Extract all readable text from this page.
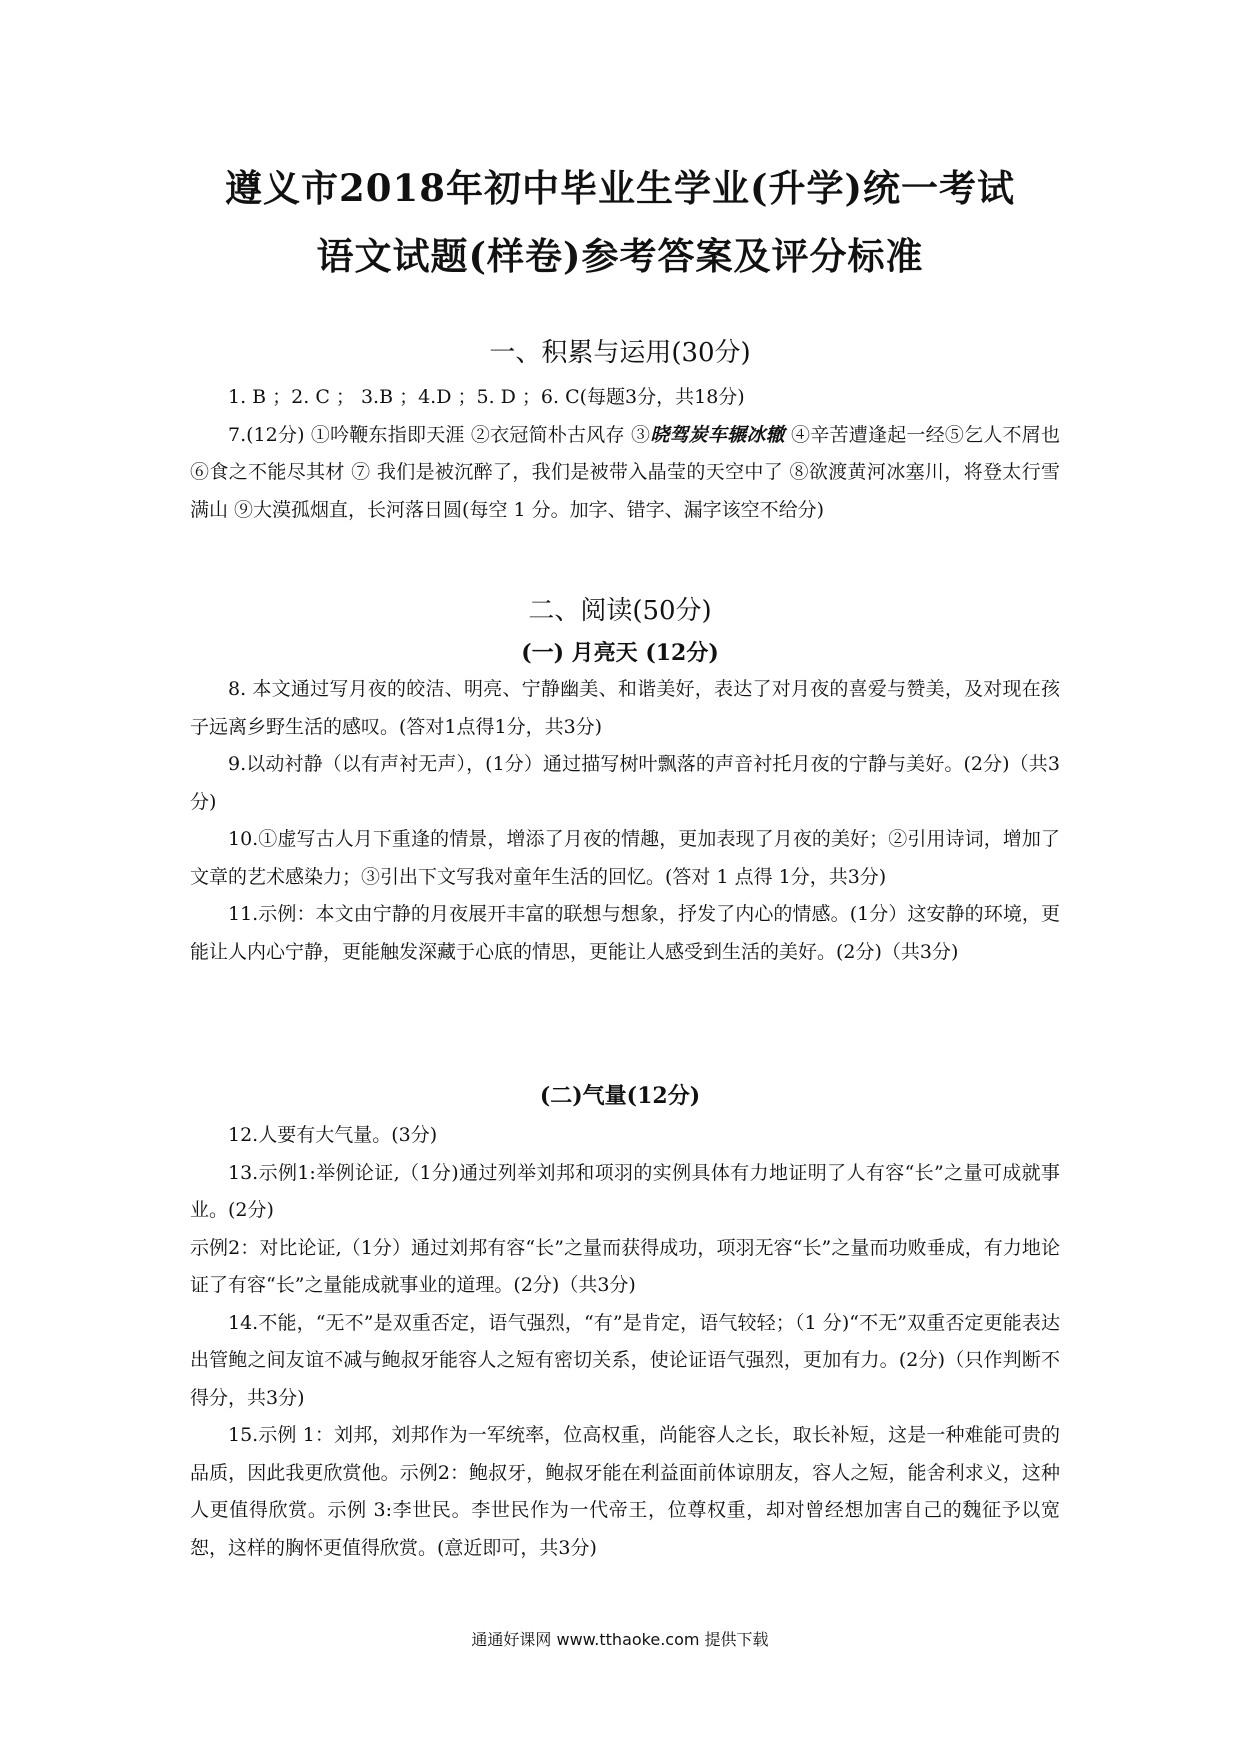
遵义市2018年初中毕业生学业(升学)统一考试
语文试题(样卷)参考答案及评分标准
一、积累与运用(30分)

1. B ；2. C ； 3.B ；4.D ；5. D ；6. C(每题3分，共18分)

7.(12分) ①吟鞭东指即天涯 ②衣冠简朴古风存 ③晓驾炭车辗冰辙 ④辛苦遭逢起一经⑤乞人不屑也⑥食之不能尽其材 ⑦ 我们是被沉醉了，我们是被带入晶莹的天空中了 ⑧欲渡黄河冰塞川，将登太行雪满山 ⑨大漠孤烟直，长河落日圆(每空 1 分。加字、错字、漏字该空不给分)

二、阅读(50分)
(一) 月亮天 (12分)

8. 本文通过写月夜的皎洁、明亮、宁静幽美、和谐美好，表达了对月夜的喜爱与赞美，及对现在孩子远离乡野生活的感叹。(答对1点得1分，共3分)

9.以动衬静（以有声衬无声），(1分）通过描写树叶飘落的声音衬托月夜的宁静与美好。(2分)（共3分)

10.①虚写古人月下重逢的情景，增添了月夜的情趣，更加表现了月夜的美好；②引用诗词，增加了文章的艺术感染力；③引出下文写我对童年生活的回忆。(答对 1 点得 1分，共3分)

11.示例：本文由宁静的月夜展开丰富的联想与想象，抒发了内心的情感。(1分）这安静的环境，更能让人内心宁静，更能触发深藏于心底的情思，更能让人感受到生活的美好。(2分)（共3分)

(二)气量(12分)

12.人要有大气量。(3分)

13.示例1:举例论证,（1分)通过列举刘邦和项羽的实例具体有力地证明了人有容“长”之量可成就事业。(2分)

示例2：对比论证,（1分）通过刘邦有容“长”之量而获得成功，项羽无容“长”之量而功败垂成，有力地论证了有容“长”之量能成就事业的道理。(2分)（共3分)

14.不能，“无不”是双重否定，语气强烈，“有”是肯定，语气较轻；（1 分)“不无”双重否定更能表达出管鲍之间友谊不减与鲍叔牙能容人之短有密切关系，使论证语气强烈，更加有力。(2分)（只作判断不得分，共3分)

15.示例 1：刘邦，刘邦作为一军统率，位高权重，尚能容人之长，取长补短，这是一种难能可贵的品质，因此我更欣赏他。示例2：鲍叔牙，鲍叔牙能在利益面前体谅朋友，容人之短，能舍利求义，这种人更值得欣赏。示例 3:李世民。李世民作为一代帝王，位尊权重，却对曾经想加害自己的魏征予以宽恕，这样的胸怀更值得欣赏。(意近即可，共3分)

通通好课网 www.tthaoke.com 提供下载
